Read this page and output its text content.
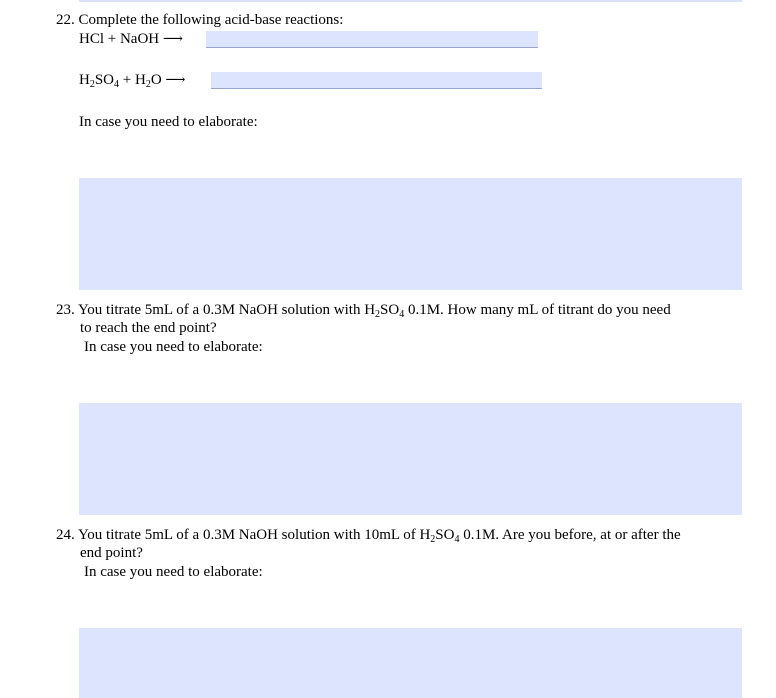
22. Complete the following acid-base reactions:
HCl + NaOH ⟶
$H_2SO_4 + H_2O$ ⟶
In case you need to elaborate:
23. You titrate 5mL of a 0.3M NaOH solution with $H_2SO_4$ 0.1M. How many mL of titrant do you need
to reach the end point?
In case you need to elaborate:
24. You titrate 5mL of a 0.3M NaOH solution with 10mL of $H_2SO_4$ 0.1M. Are you before, at or after the
end point?
In case you need to elaborate:
